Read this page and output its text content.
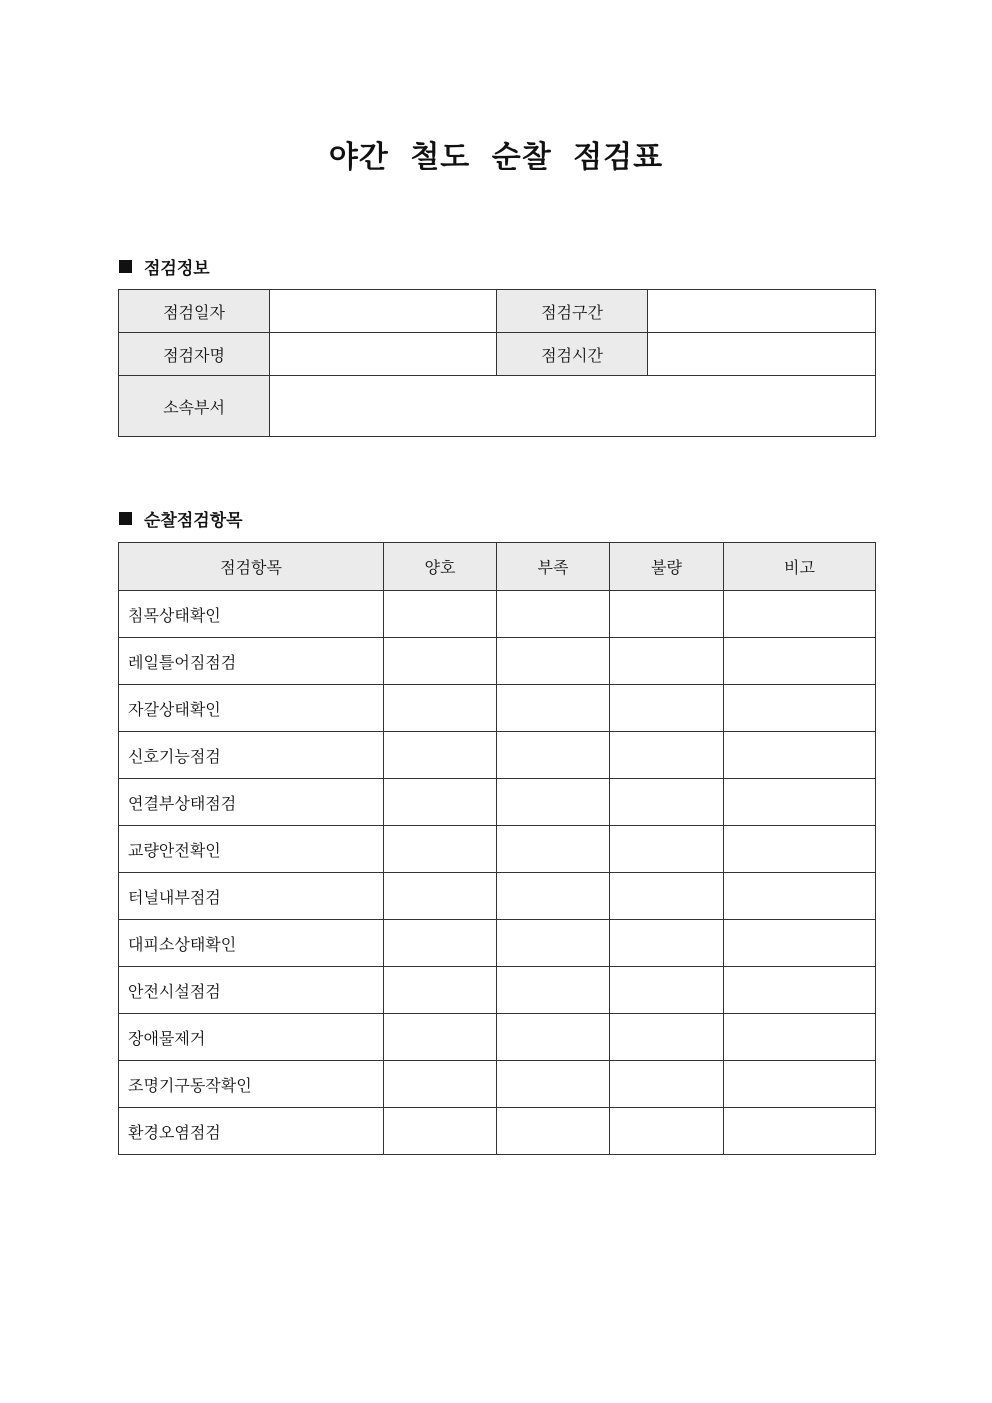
야간 철도 순찰 점검표
점검정보
점검일자		점검구간	
점검자명		점검시간	
소속부서			
순찰점검항목
점검항목	양호	부족	불량	비고
침목상태확인				
레일틀어짐점검				
자갈상태확인				
신호기능점검				
연결부상태점검				
교량안전확인				
터널내부점검				
대피소상태확인				
안전시설점검				
장애물제거				
조명기구동작확인				
환경오염점검				
